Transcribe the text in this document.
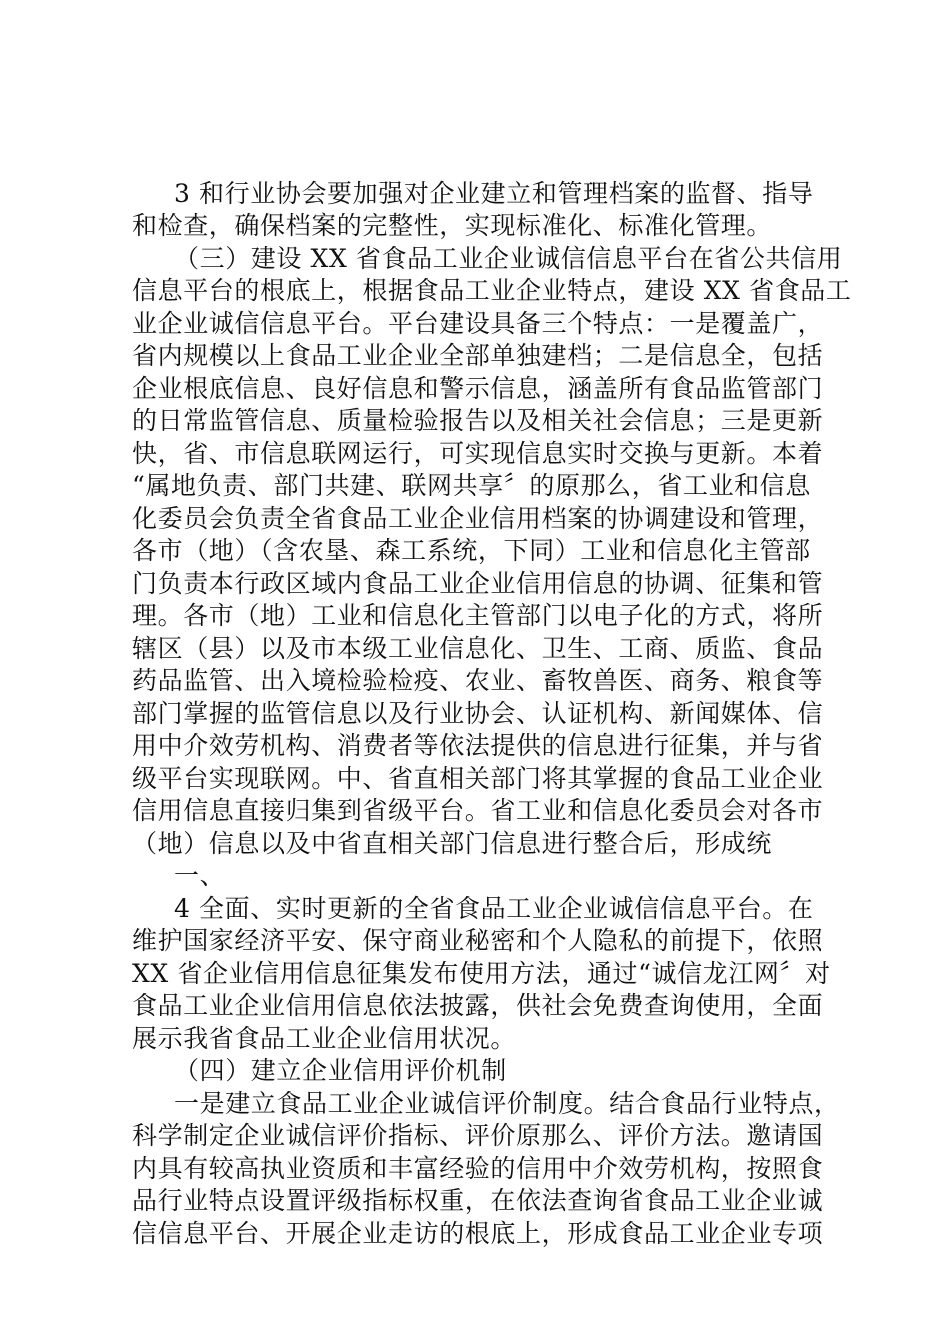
3 和行业协会要加强对企业建立和管理档案的监督、指导
和检查，确保档案的完整性，实现标准化、标准化管理。
（三）建设 XX 省食品工业企业诚信信息平台在省公共信用
信息平台的根底上，根据食品工业企业特点，建设 XX 省食品工
业企业诚信信息平台。平台建设具备三个特点：一是覆盖广，
省内规模以上食品工业企业全部单独建档；二是信息全，包括
企业根底信息、良好信息和警示信息，涵盖所有食品监管部门
的日常监管信息、质量检验报告以及相关社会信息；三是更新
快，省、市信息联网运行，可实现信息实时交换与更新。本着
“属地负责、部门共建、联网共享〞的原那么，省工业和信息
化委员会负责全省食品工业企业信用档案的协调建设和管理，
各市（地）（含农垦、森工系统，下同）工业和信息化主管部
门负责本行政区域内食品工业企业信用信息的协调、征集和管
理。各市（地）工业和信息化主管部门以电子化的方式，将所
辖区（县）以及市本级工业信息化、卫生、工商、质监、食品
药品监管、出入境检验检疫、农业、畜牧兽医、商务、粮食等
部门掌握的监管信息以及行业协会、认证机构、新闻媒体、信
用中介效劳机构、消费者等依法提供的信息进行征集，并与省
级平台实现联网。中、省直相关部门将其掌握的食品工业企业
信用信息直接归集到省级平台。省工业和信息化委员会对各市
（地）信息以及中省直相关部门信息进行整合后，形成统
一、
4 全面、实时更新的全省食品工业企业诚信信息平台。在
维护国家经济平安、保守商业秘密和个人隐私的前提下，依照
XX 省企业信用信息征集发布使用方法，通过“诚信龙江网〞对
食品工业企业信用信息依法披露，供社会免费查询使用，全面
展示我省食品工业企业信用状况。
（四）建立企业信用评价机制
一是建立食品工业企业诚信评价制度。结合食品行业特点，
科学制定企业诚信评价指标、评价原那么、评价方法。邀请国
内具有较高执业资质和丰富经验的信用中介效劳机构，按照食
品行业特点设置评级指标权重，在依法查询省食品工业企业诚
信信息平台、开展企业走访的根底上，形成食品工业企业专项
